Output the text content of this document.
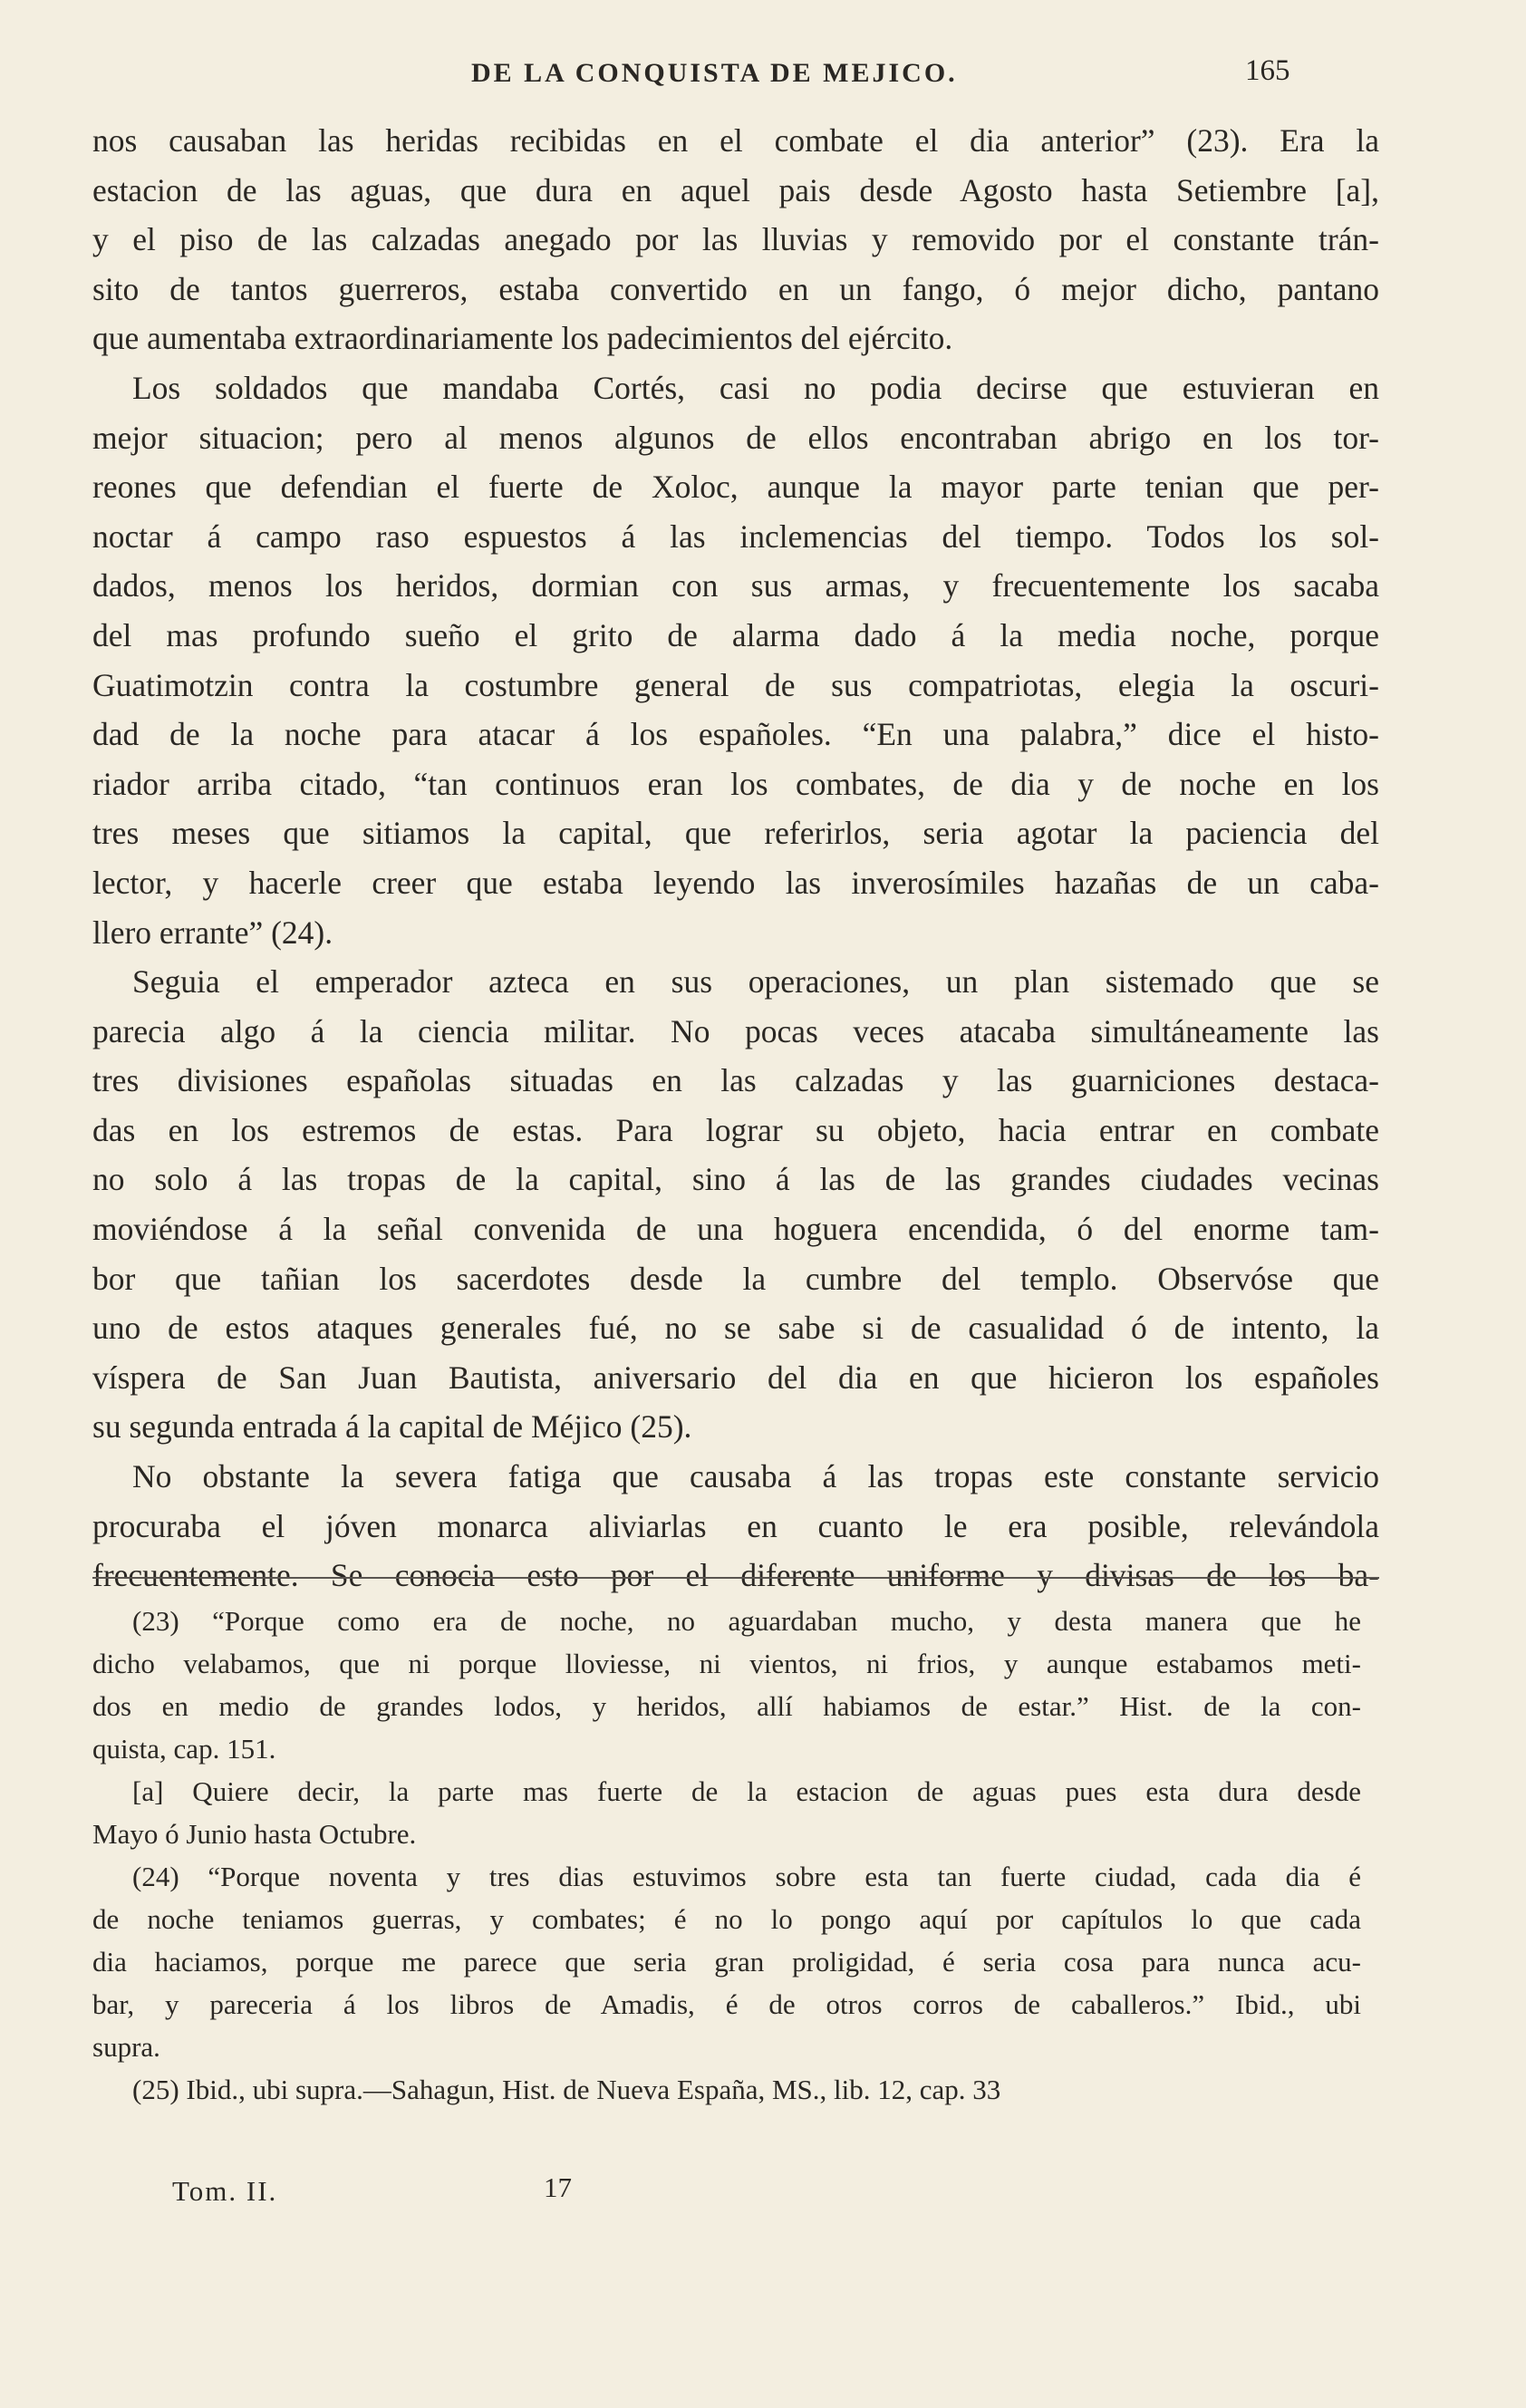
DE LA CONQUISTA DE MEJICO.	165
nos causaban las heridas recibidas en el combate el dia anterior” (23). Era la
estacion de las aguas, que dura en aquel pais desde Agosto hasta Setiembre [a],
y el piso de las calzadas anegado por las lluvias y removido por el constante trán-
sito de tantos guerreros, estaba convertido en un fango, ó mejor dicho, pantano
que aumentaba extraordinariamente los padecimientos del ejército.
Los soldados que mandaba Cortés, casi no podia decirse que estuvieran en
mejor situacion; pero al menos algunos de ellos encontraban abrigo en los tor-
reones que defendian el fuerte de Xoloc, aunque la mayor parte tenian que per-
noctar á campo raso espuestos á las inclemencias del tiempo. Todos los sol-
dados, menos los heridos, dormian con sus armas, y frecuentemente los sacaba
del mas profundo sueño el grito de alarma dado á la media noche, porque
Guatimotzin contra la costumbre general de sus compatriotas, elegia la oscuri-
dad de la noche para atacar á los españoles. “En una palabra,” dice el histo-
riador arriba citado, “tan continuos eran los combates, de dia y de noche en los
tres meses que sitiamos la capital, que referirlos, seria agotar la paciencia del
lector, y hacerle creer que estaba leyendo las inverosímiles hazañas de un caba-
llero errante” (24).
Seguia el emperador azteca en sus operaciones, un plan sistemado que se
parecia algo á la ciencia militar. No pocas veces atacaba simultáneamente las
tres divisiones españolas situadas en las calzadas y las guarniciones destaca-
das en los estremos de estas. Para lograr su objeto, hacia entrar en combate
no solo á las tropas de la capital, sino á las de las grandes ciudades vecinas
moviéndose á la señal convenida de una hoguera encendida, ó del enorme tam-
bor que tañian los sacerdotes desde la cumbre del templo. Observóse que
uno de estos ataques generales fué, no se sabe si de casualidad ó de intento, la
víspera de San Juan Bautista, aniversario del dia en que hicieron los españoles
su segunda entrada á la capital de Méjico (25).
No obstante la severa fatiga que causaba á las tropas este constante servicio
procuraba el jóven monarca aliviarlas en cuanto le era posible, relevándola
frecuentemente. Se conocia esto por el diferente uniforme y divisas de los ba-
(23) “Porque como era de noche, no aguardaban mucho, y desta manera que he
dicho velabamos, que ni porque lloviesse, ni vientos, ni frios, y aunque estabamos meti-
dos en medio de grandes lodos, y heridos, allí habiamos de estar.” Hist. de la con-
quista, cap. 151.
[a] Quiere decir, la parte mas fuerte de la estacion de aguas pues esta dura desde
Mayo ó Junio hasta Octubre.
(24) “Porque noventa y tres dias estuvimos sobre esta tan fuerte ciudad, cada dia é
de noche teniamos guerras, y combates; é no lo pongo aquí por capítulos lo que cada
dia haciamos, porque me parece que seria gran proligidad, é seria cosa para nunca acu-
bar, y pareceria á los libros de Amadis, é de otros corros de caballeros.” Ibid., ubi
supra.
(25) Ibid., ubi supra.—Sahagun, Hist. de Nueva España, MS., lib. 12, cap. 33
Tom. II.	17
